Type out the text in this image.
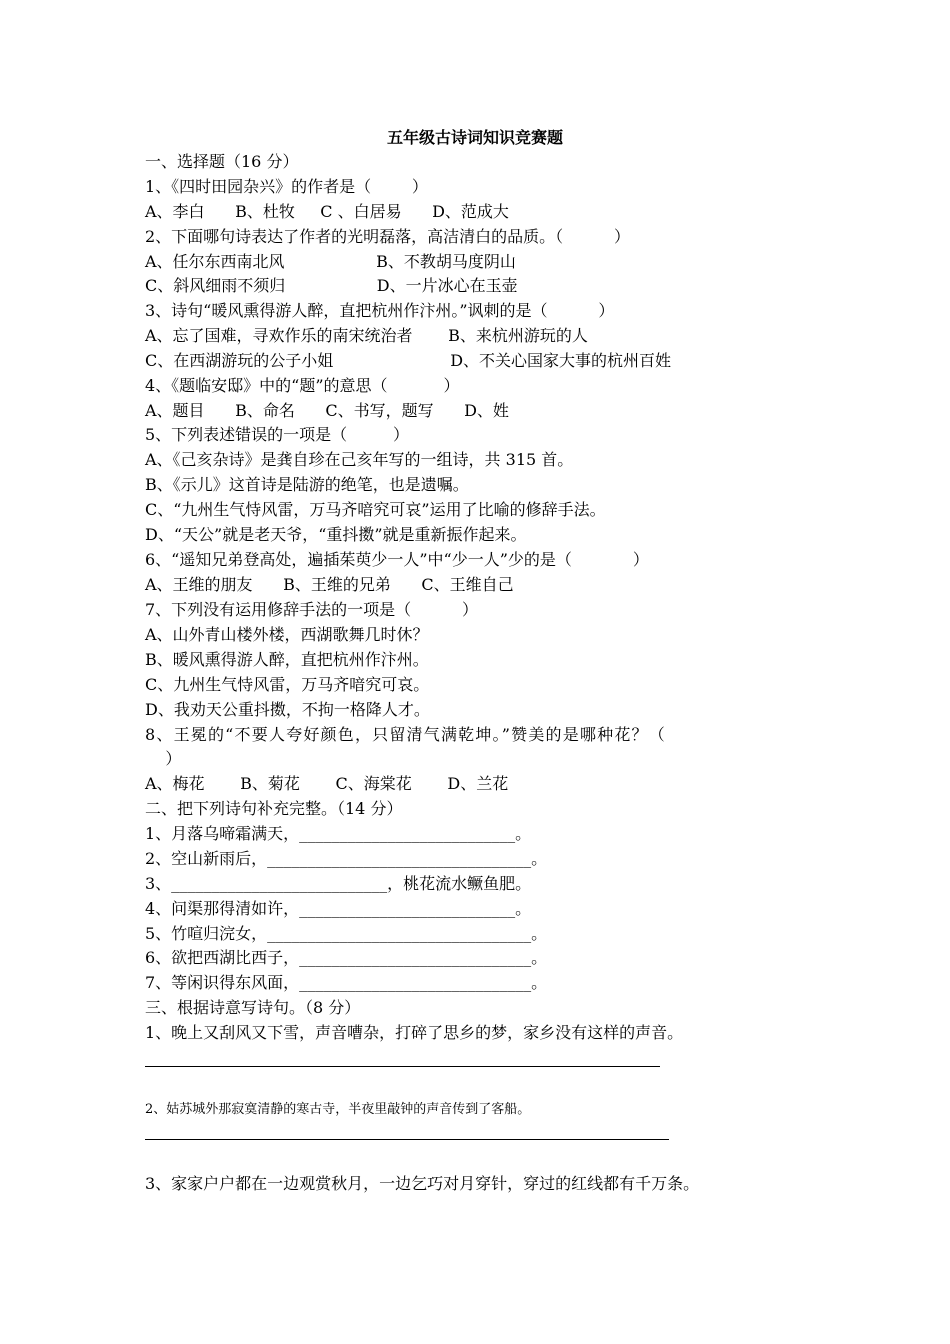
五年级古诗词知识竞赛题
一、选择题（16 分）
1、《四时田园杂兴》的作者是（        ）
A、李白      B、杜牧     C 、白居易      D、范成大
2、下面哪句诗表达了作者的光明磊落，高洁清白的品质。（          ）
A、任尔东西南北风                  B、不教胡马度阴山
C、斜风细雨不须归                  D、一片冰心在玉壶
3、诗句“暖风熏得游人醉，直把杭州作汴州。”讽刺的是（          ）
A、忘了国难，寻欢作乐的南宋统治者       B、来杭州游玩的人
C、在西湖游玩的公子小姐                       D、不关心国家大事的杭州百姓
4、《题临安邸》中的“题”的意思（           ）
A、题目      B、命名      C、书写，题写      D、姓
5、下列表述错误的一项是（         ）
A、《己亥杂诗》是龚自珍在己亥年写的一组诗，共 315 首。
B、《示儿》这首诗是陆游的绝笔，也是遗嘱。
C、“九州生气恃风雷，万马齐喑究可哀”运用了比喻的修辞手法。
D、“天公”就是老天爷，“重抖擞”就是重新振作起来。
6、“遥知兄弟登高处，遍插茱萸少一人”中“少一人”少的是（            ）
A、王维的朋友      B、王维的兄弟      C、王维自己
7、下列没有运用修辞手法的一项是（          ）
A、山外青山楼外楼，西湖歌舞几时休？
B、暖风熏得游人醉，直把杭州作汴州。
C、九州生气恃风雷，万马齐喑究可哀。
D、我劝天公重抖擞，不拘一格降人才。
8、王冕的“不要人夸好颜色，只留清气满乾坤。”赞美的是哪种花？（
）
A、梅花       B、菊花       C、海棠花       D、兰花
二、把下列诗句补充完整。（14 分）
1、月落乌啼霜满天，___________________________。
2、空山新雨后，_________________________________。
3、___________________________，桃花流水鳜鱼肥。
4、问渠那得清如许，___________________________。
5、竹喧归浣女，_________________________________。
6、欲把西湖比西子，_____________________________。
7、等闲识得东风面，_____________________________。
三、根据诗意写诗句。（8 分）
1、晚上又刮风又下雪，声音嘈杂，打碎了思乡的梦，家乡没有这样的声音。
2、姑苏城外那寂寞清静的寒古寺，半夜里敲钟的声音传到了客船。
3、家家户户都在一边观赏秋月，一边乞巧对月穿针，穿过的红线都有千万条。
